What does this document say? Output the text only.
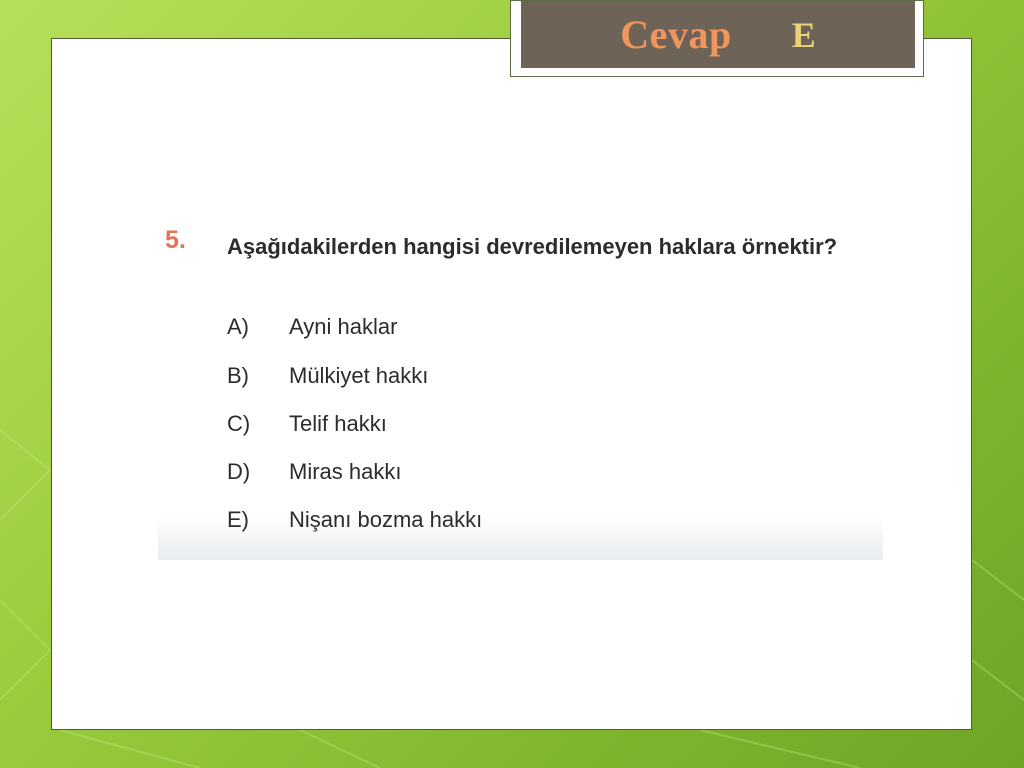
Cevap E
5. Aşağıdakilerden hangisi devredilemeyen haklara örnektir?
A)	Ayni haklar
B)	Mülkiyet hakkı
C)	Telif hakkı
D)	Miras hakkı
E)	Nişanı bozma hakkı
